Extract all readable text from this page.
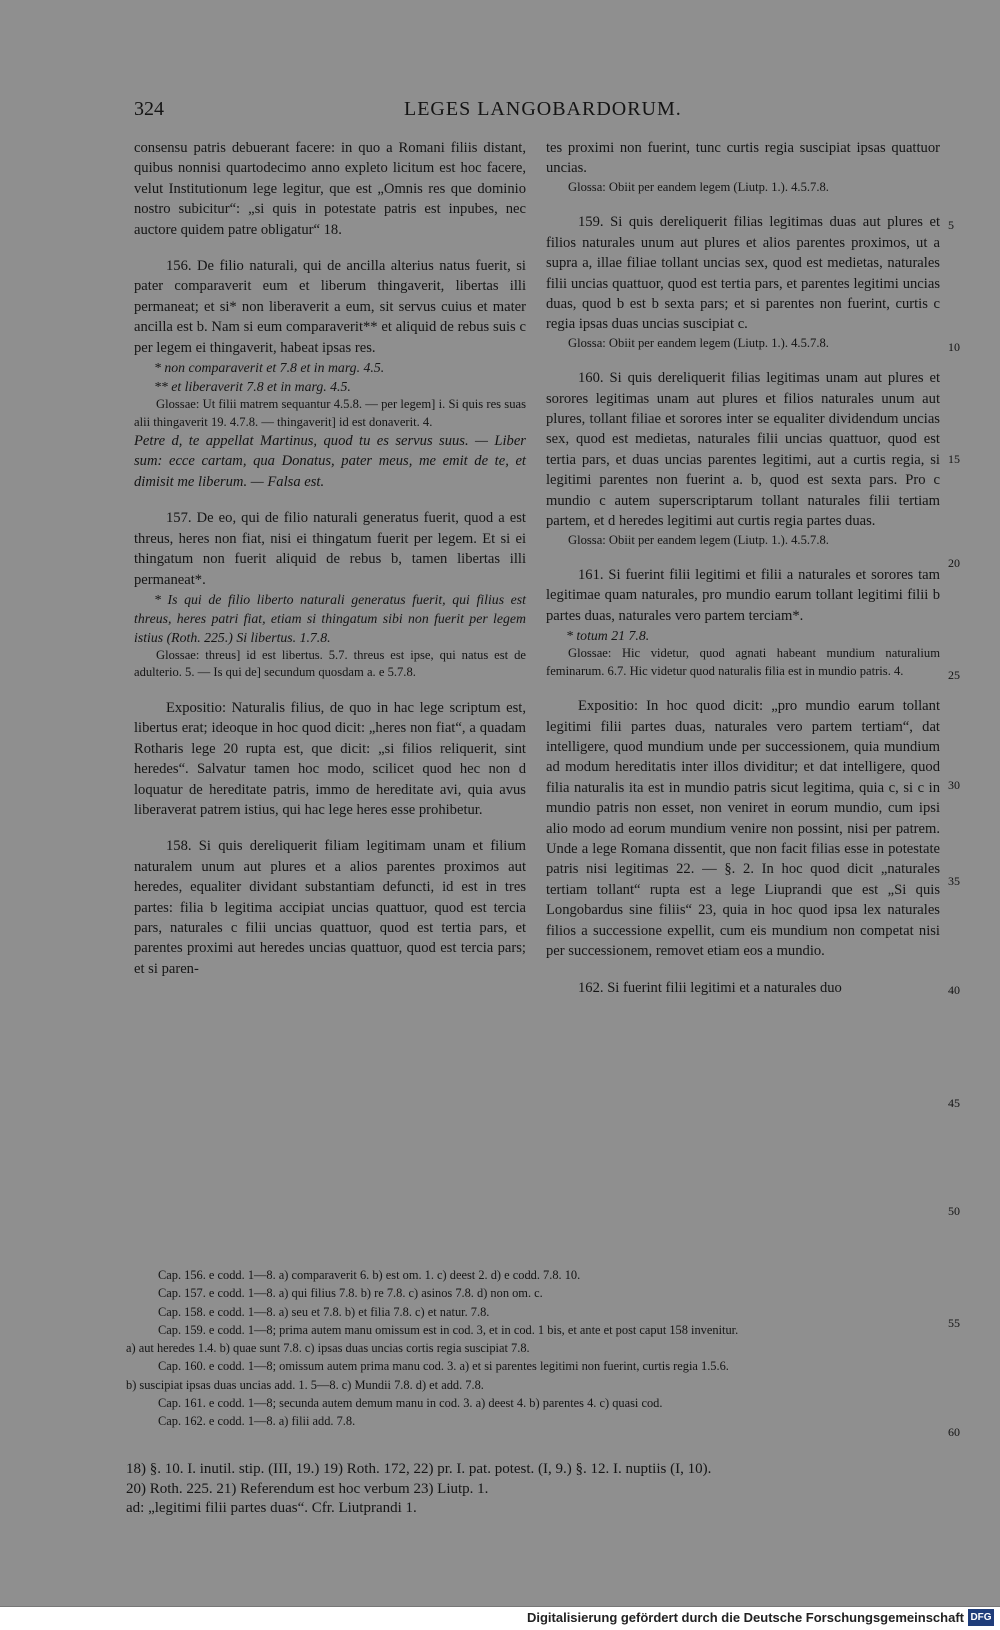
324	LEGES LANGOBARDORUM.

consensu patris debuerant facere: in quo a Romani filiis distant, quibus nonnisi quartodecimo anno expleto licitum est hoc facere, velut Institutionum lege legitur, que est „Omnis res que dominio nostro subicitur“: „si quis in potestate patris est inpubes, nec auctore quidem patre obligatur“ 18.

156. De filio naturali, qui de ancilla alterius natus fuerit, si pater comparaverit eum et liberum thingaverit, libertas illi permaneat; et si* non liberaverit a eum, sit servus cuius et mater ancilla est b. Nam si eum comparaverit** et aliquid de rebus suis c per legem ei thingaverit, habeat ipsas res.

* non comparaverit et 7.8 et in marg. 4.5.

** et liberaverit 7.8 et in marg. 4.5.

Glossae: Ut filii matrem sequantur 4.5.8. — per legem] i. Si quis res suas alii thingaverit 19. 4.7.8. — thingaverit] id est donaverit. 4.

Petre d, te appellat Martinus, quod tu es servus suus. — Liber sum: ecce cartam, qua Donatus, pater meus, me emit de te, et dimisit me liberum. — Falsa est.

157. De eo, qui de filio naturali generatus fuerit, quod a est threus, heres non fiat, nisi ei thingatum fuerit per legem. Et si ei thingatum non fuerit aliquid de rebus b, tamen libertas illi permaneat*.

* Is qui de filio liberto naturali generatus fuerit, qui filius est threus, heres patri fiat, etiam si thingatum sibi non fuerit per legem istius (Roth. 225.) Si libertus. 1.7.8.

Glossae: threus] id est libertus. 5.7. threus est ipse, qui natus est de adulterio. 5. — Is qui de] secundum quosdam a. e 5.7.8.

Expositio: Naturalis filius, de quo in hac lege scriptum est, libertus erat; ideoque in hoc quod dicit: „heres non fiat“, a quadam Rotharis lege 20 rupta est, que dicit: „si filios reliquerit, sint heredes“. Salvatur tamen hoc modo, scilicet quod hec non d loquatur de hereditate patris, immo de hereditate avi, quia avus liberaverat patrem istius, qui hac lege heres esse prohibetur.

158. Si quis dereliquerit filiam legitimam unam et filium naturalem unum aut plures et a alios parentes proximos aut heredes, equaliter dividant substantiam defuncti, id est in tres partes: filia b legitima accipiat uncias quattuor, quod est tercia pars, naturales c filii uncias quattuor, quod est tertia pars, et parentes proximi aut heredes uncias quattuor, quod est tercia pars; et si paren-

tes proximi non fuerint, tunc curtis regia suscipiat ipsas quattuor uncias.

Glossa: Obiit per eandem legem (Liutp. 1.). 4.5.7.8.

159. Si quis dereliquerit filias legitimas duas aut plures et filios naturales unum aut plures et alios parentes proximos, ut a supra a, illae filiae tollant uncias sex, quod est medietas, naturales filii uncias quattuor, quod est tertia pars, et parentes legitimi uncias duas, quod b est b sexta pars; et si parentes non fuerint, curtis c regia ipsas duas uncias suscipiat c.

Glossa: Obiit per eandem legem (Liutp. 1.). 4.5.7.8.

160. Si quis dereliquerit filias legitimas unam aut plures et sorores legitimas unam aut plures et filios naturales unum aut plures, tollant filiae et sorores inter se equaliter dividendum uncias sex, quod est medietas, naturales filii uncias quattuor, quod est tertia pars, et duas uncias parentes legitimi, aut a curtis regia, si legitimi parentes non fuerint a. b, quod est sexta pars. Pro c mundio c autem superscriptarum tollant naturales filii tertiam partem, et d heredes legitimi aut curtis regia partes duas.

Glossa: Obiit per eandem legem (Liutp. 1.). 4.5.7.8.

161. Si fuerint filii legitimi et filii a naturales et sorores tam legitimae quam naturales, pro mundio earum tollant legitimi filii b partes duas, naturales vero partem terciam*.

* totum 21 7.8.

Glossae: Hic videtur, quod agnati habeant mundium naturalium feminarum. 6.7. Hic videtur quod naturalis filia est in mundio patris. 4.

Expositio: In hoc quod dicit: „pro mundio earum tollant legitimi filii partes duas, naturales vero partem tertiam“, dat intelligere, quod mundium unde per successionem, quia mundium ad modum hereditatis inter illos dividitur; et dat intelligere, quod filia naturalis ita est in mundio patris sicut legitima, quia c, si c in mundio patris non esset, non veniret in eorum mundio, cum ipsi alio modo ad eorum mundium venire non possint, nisi per patrem. Unde a lege Romana dissentit, que non facit filias esse in potestate patris nisi legitimas 22. — §. 2. In hoc quod dicit „naturales tertiam tollant“ rupta est a lege Liuprandi que est „Si quis Longobardus sine filiis“ 23, quia in hoc quod ipsa lex naturales filios a successione expellit, cum eis mundium non competat nisi per successionem, removet etiam eos a mundio.

162. Si fuerint filii legitimi et a naturales duo

5
10
15
20
25
30
35
40
45
50
55
60

Cap. 156. e codd. 1—8. a) comparaverit 6. b) est om. 1. c) deest 2. d) e codd. 7.8. 10.

Cap. 157. e codd. 1—8. a) qui filius 7.8. b) re 7.8. c) asinos 7.8. d) non om. c.

Cap. 158. e codd. 1—8. a) seu et 7.8. b) et filia 7.8. c) et natur. 7.8.

Cap. 159. e codd. 1—8; prima autem manu omissum est in cod. 3, et in cod. 1 bis, et ante et post caput 158 invenitur.

a) aut heredes 1.4. b) quae sunt 7.8. c) ipsas duas uncias cortis regia suscipiat 7.8.

Cap. 160. e codd. 1—8; omissum autem prima manu cod. 3. a) et si parentes legitimi non fuerint, curtis regia 1.5.6.

b) suscipiat ipsas duas uncias add. 1. 5—8. c) Mundii 7.8. d) et add. 7.8.

Cap. 161. e codd. 1—8; secunda autem demum manu in cod. 3. a) deest 4. b) parentes 4. c) quasi cod.

Cap. 162. e codd. 1—8. a) filii add. 7.8.

18) §. 10. I. inutil. stip. (III, 19.) 19) Roth. 172, 22) pr. I. pat. potest. (I, 9.) §. 12. I. nuptiis (I, 10).

20) Roth. 225. 21) Referendum est hoc verbum 23) Liutp. 1.

ad: „legitimi filii partes duas“. Cfr. Liutprandi 1.

Digitalisierung gefördert durch die Deutsche Forschungsgemeinschaft DFG
